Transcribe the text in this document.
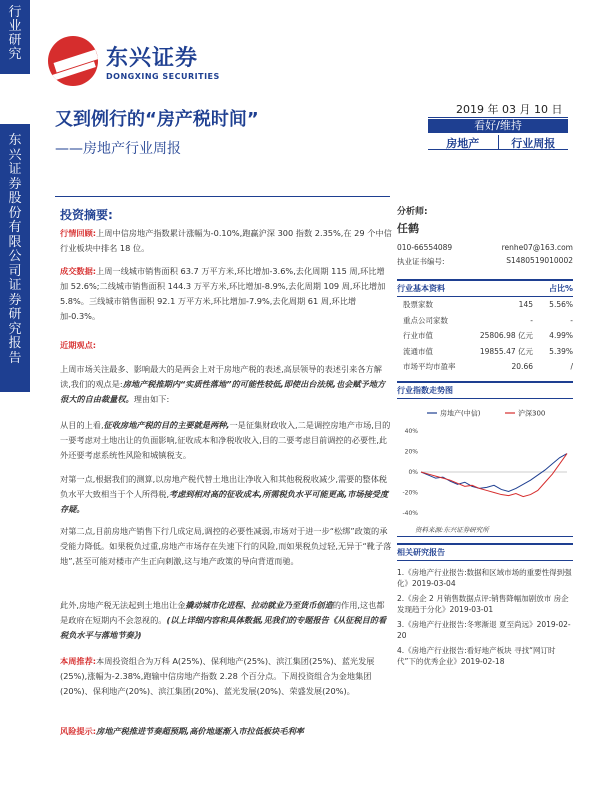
行业研究
东兴证券股份有限公司证券研究报告
东兴证券
DONGXING SECURITIES
又到例行的“房产税时间”
——房地产行业周报
2019 年 03 月 10 日
看好/维持
房地产	行业周报
投资摘要:
行情回顾:上周中信房地产指数累计涨幅为-0.10%,跑赢沪深 300 指数 2.35%,在 29 个中信行业板块中排名 18 位。
成交数据:上周一线城市销售面积 63.7 万平方米,环比增加-3.6%,去化周期 115 周,环比增加 52.6%;二线城市销售面积 144.3 万平方米,环比增加-8.9%,去化周期 109 周,环比增加 5.8%。三线城市销售面积 92.1 万平方米,环比增加-7.9%,去化周期 61 周,环比增加-0.3%。
近期观点:
上周市场关注最多、影响最大的是两会上对于房地产税的表述,高层领导的表述引来各方解读,我们的观点是:房地产税推期内“实质性落地”的可能性较低,即使出台法规,也会赋予地方很大的自由裁量权。理由如下:
从目的上看,征收房地产税的目的主要就是两种,一是征集财政收入,二是调控房地产市场,目的一要考虑对土地出让的负面影响,征收成本和净税收收入,目的二要考虑目前调控的必要性,此外还要考虑系统性风险和城镇税支。
对第一点,根据我们的测算,以房地产税代替土地出让净收入和其他税税收减少,需要的整体税负水平大致相当于个人所得税,考虑到相对高的征收成本,所需税负水平可能更高,市场接受度存疑。
对第二点,目前房地产销售下行几成定局,调控的必要性减弱,市场对于进一步“松绑”政策的承受能力降低。如果税负过重,房地产市场存在失速下行的风险,而如果税负过轻,无异于“靴子落地”,甚至可能对楼市产生正向刺激,这与地产政策的导向背道而驰。
此外,房地产税无法起到土地出让金撬动城市化进程、拉动就业乃至货币创造的作用,这也都是政府在短期内不会忽视的。(以上详细内容和具体数据,见我们的专题报告《从征税目的看税负水平与落地节奏》)
本周推荐:本周投资组合为万科 A(25%)、保利地产(25%)、滨江集团(25%)、蓝光发展(25%),涨幅为-2.38%,跑输中信房地产指数 2.28 个百分点。下周投资组合为金地集团(20%)、保利地产(20%)、滨江集团(20%)、蓝光发展(20%)、荣盛发展(20%)。
风险提示:房地产税推进节奏超预期,高价地逐渐入市拉低板块毛利率
分析师:
任鹤
010-66554089	renhe07@163.com
执业证书编号:	S1480519010002
行业基本资料	占比%
股票家数	145	5.56%
重点公司家数	-	-
行业市值	25806.98 亿元	4.99%
流通市值	19855.47 亿元	5.39%
市场平均市盈率	20.66	/
行业指数走势图
40%
20%
0%
-20%
-40%
房地产(中信)	沪深300
资料来源:东兴证券研究所
相关研究报告
1.《房地产行业报告:数据和区域市场的重要性得到强化》2019-03-04
2.《房企 2 月销售数据点评:销售降幅加剧放市 房企发现趋于分化》2019-03-01
3.《房地产行业报告:冬寒渐退 夏至尚远》2019-02-20
4.《房地产行业报告:看好地产板块 寻找“网订时代”下的优秀企业》2019-02-18
